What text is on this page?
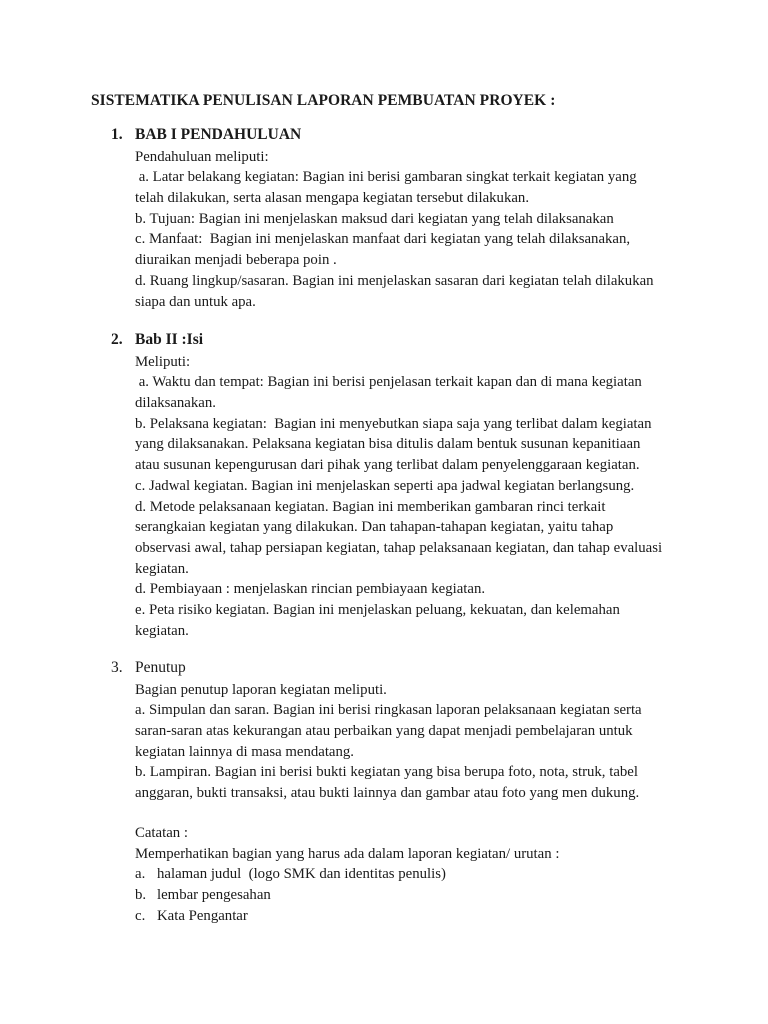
SISTEMATIKA PENULISAN LAPORAN PEMBUATAN PROYEK :
1. BAB I PENDAHULUAN
Pendahuluan meliputi:
a. Latar belakang kegiatan: Bagian ini berisi gambaran singkat terkait kegiatan yang
telah dilakukan, serta alasan mengapa kegiatan tersebut dilakukan.
b. Tujuan: Bagian ini menjelaskan maksud dari kegiatan yang telah dilaksanakan
c. Manfaat:  Bagian ini menjelaskan manfaat dari kegiatan yang telah dilaksanakan,
diuraikan menjadi beberapa poin .
d. Ruang lingkup/sasaran. Bagian ini menjelaskan sasaran dari kegiatan telah dilakukan
siapa dan untuk apa.
2. Bab II :Isi
Meliputi:
a. Waktu dan tempat: Bagian ini berisi penjelasan terkait kapan dan di mana kegiatan
dilaksanakan.
b. Pelaksana kegiatan:  Bagian ini menyebutkan siapa saja yang terlibat dalam kegiatan
yang dilaksanakan. Pelaksana kegiatan bisa ditulis dalam bentuk susunan kepanitiaan
atau susunan kepengurusan dari pihak yang terlibat dalam penyelenggaraan kegiatan.
c. Jadwal kegiatan. Bagian ini menjelaskan seperti apa jadwal kegiatan berlangsung.
d. Metode pelaksanaan kegiatan. Bagian ini memberikan gambaran rinci terkait
serangkaian kegiatan yang dilakukan. Dan tahapan-tahapan kegiatan, yaitu tahap
observasi awal, tahap persiapan kegiatan, tahap pelaksanaan kegiatan, dan tahap evaluasi
kegiatan.
d. Pembiayaan : menjelaskan rincian pembiayaan kegiatan.
e. Peta risiko kegiatan. Bagian ini menjelaskan peluang, kekuatan, dan kelemahan
kegiatan.
3. Penutup
Bagian penutup laporan kegiatan meliputi.
a. Simpulan dan saran. Bagian ini berisi ringkasan laporan pelaksanaan kegiatan serta
saran-saran atas kekurangan atau perbaikan yang dapat menjadi pembelajaran untuk
kegiatan lainnya di masa mendatang.
b. Lampiran. Bagian ini berisi bukti kegiatan yang bisa berupa foto, nota, struk, tabel
anggaran, bukti transaksi, atau bukti lainnya dan gambar atau foto yang men dukung.
Catatan :
Memperhatikan bagian yang harus ada dalam laporan kegiatan/ urutan :

a.

halaman judul  (logo SMK dan identitas penulis)

b.

lembar pengesahan

c.

Kata Pengantar
